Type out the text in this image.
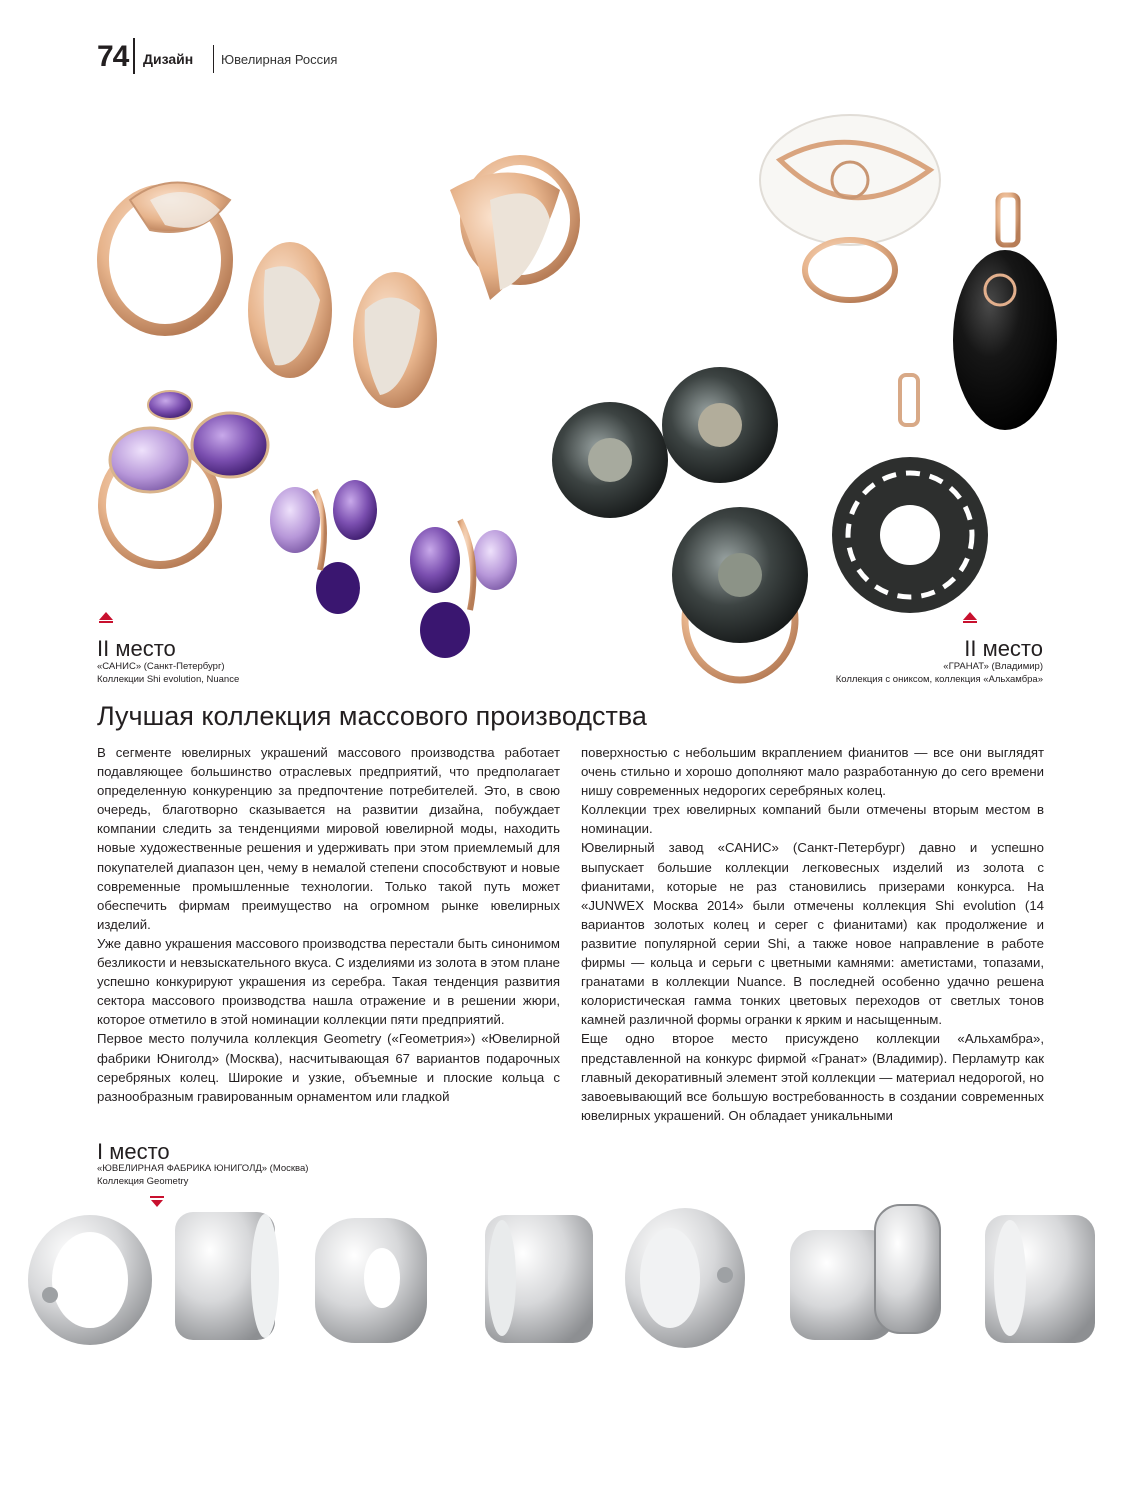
74 Дизайн Ювелирная Россия
II место
«САНИС» (Санкт-Петербург)
Коллекции Shi evolution, Nuance
II место
«ГРАНАТ» (Владимир)
Коллекция с ониксом, коллекция «Альхамбра»
Лучшая коллекция массового производства

В сегменте ювелирных украшений массового производства работает подавляющее большинство отраслевых предприятий, что предполагает определенную конкуренцию за предпочтение потребителей. Это, в свою очередь, благотворно сказывается на развитии дизайна, побуждает компании следить за тенденциями мировой ювелирной моды, находить новые художественные решения и удерживать при этом приемлемый для покупателей диапазон цен, чему в немалой степени способствуют и новые современные промышленные технологии. Только такой путь может обеспечить фирмам преимущество на огромном рынке ювелирных изделий.

Уже давно украшения массового производства перестали быть синонимом безликости и невзыскательного вкуса. С изделиями из золота в этом плане успешно конкурируют украшения из серебра. Такая тенденция развития сектора массового производства нашла отражение и в решении жюри, которое отметило в этой номинации коллекции пяти предприятий.

Первое место получила коллекция Geometry («Геометрия») «Ювелирной фабрики Юниголд» (Москва), насчитывающая 67 вариантов подарочных серебряных колец. Широкие и узкие, объемные и плоские кольца с разнообразным гравированным орнаментом или гладкой

поверхностью с небольшим вкраплением фианитов — все они выглядят очень стильно и хорошо дополняют мало разработанную до сего времени нишу современных недорогих серебряных колец.

Коллекции трех ювелирных компаний были отмечены вторым местом в номинации.

Ювелирный завод «САНИС» (Санкт-Петербург) давно и успешно выпускает большие коллекции легковесных изделий из золота с фианитами, которые не раз становились призерами конкурса. На «JUNWEX Москва 2014» были отмечены коллекция Shi evolution (14 вариантов золотых колец и серег с фианитами) как продолжение и развитие популярной серии Shi, а также новое направление в работе фирмы — кольца и серьги с цветными камнями: аметистами, топазами, гранатами в коллекции Nuance. В последней особенно удачно решена колористическая гамма тонких цветовых переходов от светлых тонов камней различной формы огранки к ярким и насыщенным.

Еще одно второе место присуждено коллекции «Альхамбра», представленной на конкурс фирмой «Гранат» (Владимир). Перламутр как главный декоративный элемент этой коллекции — материал недорогой, но завоевывающий все большую востребованность в создании современных ювелирных украшений. Он обладает уникальными

I место
«ЮВЕЛИРНАЯ ФАБРИКА ЮНИГОЛД» (Москва)
Коллекция Geometry
